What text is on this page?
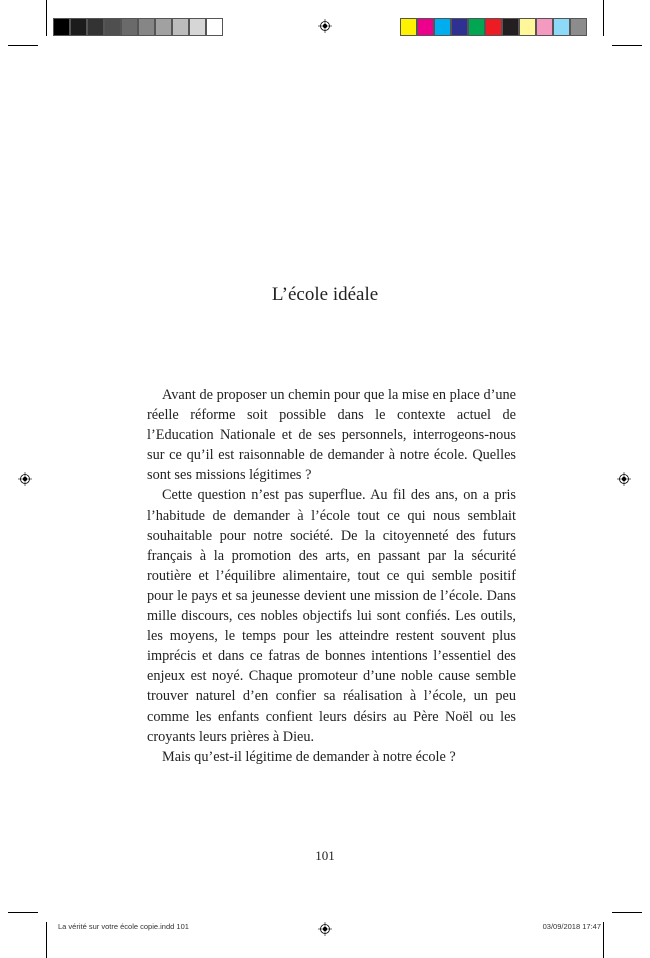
L’école idéale

Avant de proposer un chemin pour que la mise en place d’une réelle réforme soit possible dans le contexte actuel de l’Education Nationale et de ses personnels, interrogeons-nous sur ce qu’il est raisonnable de demander à notre école. Quelles sont ses missions légitimes ?

Cette question n’est pas superflue. Au fil des ans, on a pris l’habitude de demander à l’école tout ce qui nous semblait souhaitable pour notre société. De la citoyenneté des futurs français à la promotion des arts, en passant par la sécurité routière et l’équilibre alimentaire, tout ce qui semble positif pour le pays et sa jeunesse devient une mission de l’école. Dans mille discours, ces nobles objectifs lui sont confiés. Les outils, les moyens, le temps pour les atteindre restent souvent plus imprécis et dans ce fatras de bonnes intentions l’essentiel des enjeux est noyé. Chaque promoteur d’une noble cause semble trouver naturel d’en confier sa réalisation à l’école, un peu comme les enfants confient leurs désirs au Père Noël ou les croyants leurs prières à Dieu.

Mais qu’est-il légitime de demander à notre école ?

101
La vérité sur votre école copie.indd 101	03/09/2018 17:47
